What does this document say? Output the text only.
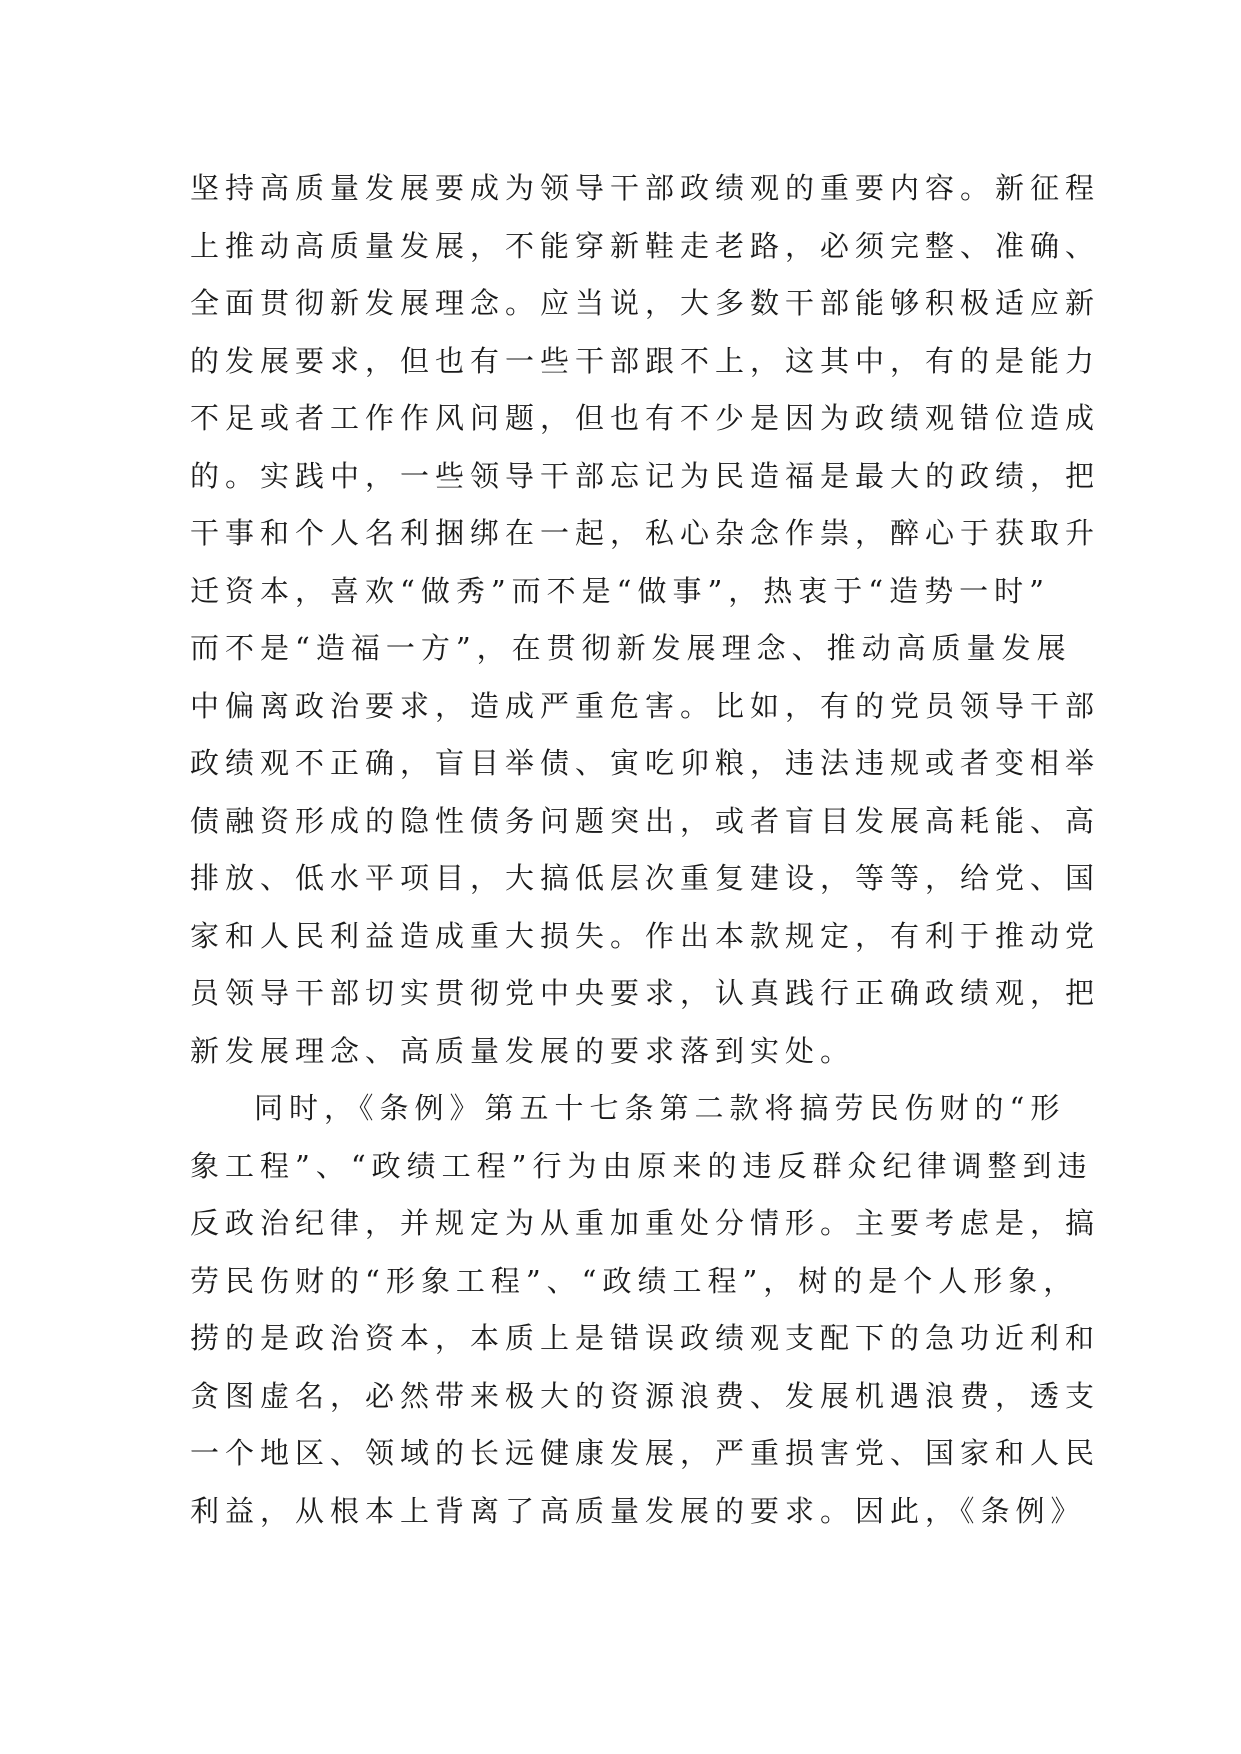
坚持高质量发展要成为领导干部政绩观的重要内容。新征程
上推动高质量发展，不能穿新鞋走老路，必须完整、准确、
全面贯彻新发展理念。应当说，大多数干部能够积极适应新
的发展要求，但也有一些干部跟不上，这其中，有的是能力
不足或者工作作风问题，但也有不少是因为政绩观错位造成
的。实践中，一些领导干部忘记为民造福是最大的政绩，把
干事和个人名利捆绑在一起，私心杂念作祟，醉心于获取升
迁资本，喜欢“做秀”而不是“做事”，热衷于“造势一时”
而不是“造福一方”，在贯彻新发展理念、推动高质量发展
中偏离政治要求，造成严重危害。比如，有的党员领导干部
政绩观不正确，盲目举债、寅吃卯粮，违法违规或者变相举
债融资形成的隐性债务问题突出，或者盲目发展高耗能、高
排放、低水平项目，大搞低层次重复建设，等等，给党、国
家和人民利益造成重大损失。作出本款规定，有利于推动党
员领导干部切实贯彻党中央要求，认真践行正确政绩观，把
新发展理念、高质量发展的要求落到实处。
同时，《条例》第五十七条第二款将搞劳民伤财的“形
象工程”、“政绩工程”行为由原来的违反群众纪律调整到违
反政治纪律，并规定为从重加重处分情形。主要考虑是，搞
劳民伤财的“形象工程”、“政绩工程”，树的是个人形象，
捞的是政治资本，本质上是错误政绩观支配下的急功近利和
贪图虚名，必然带来极大的资源浪费、发展机遇浪费，透支
一个地区、领域的长远健康发展，严重损害党、国家和人民
利益，从根本上背离了高质量发展的要求。因此，《条例》
